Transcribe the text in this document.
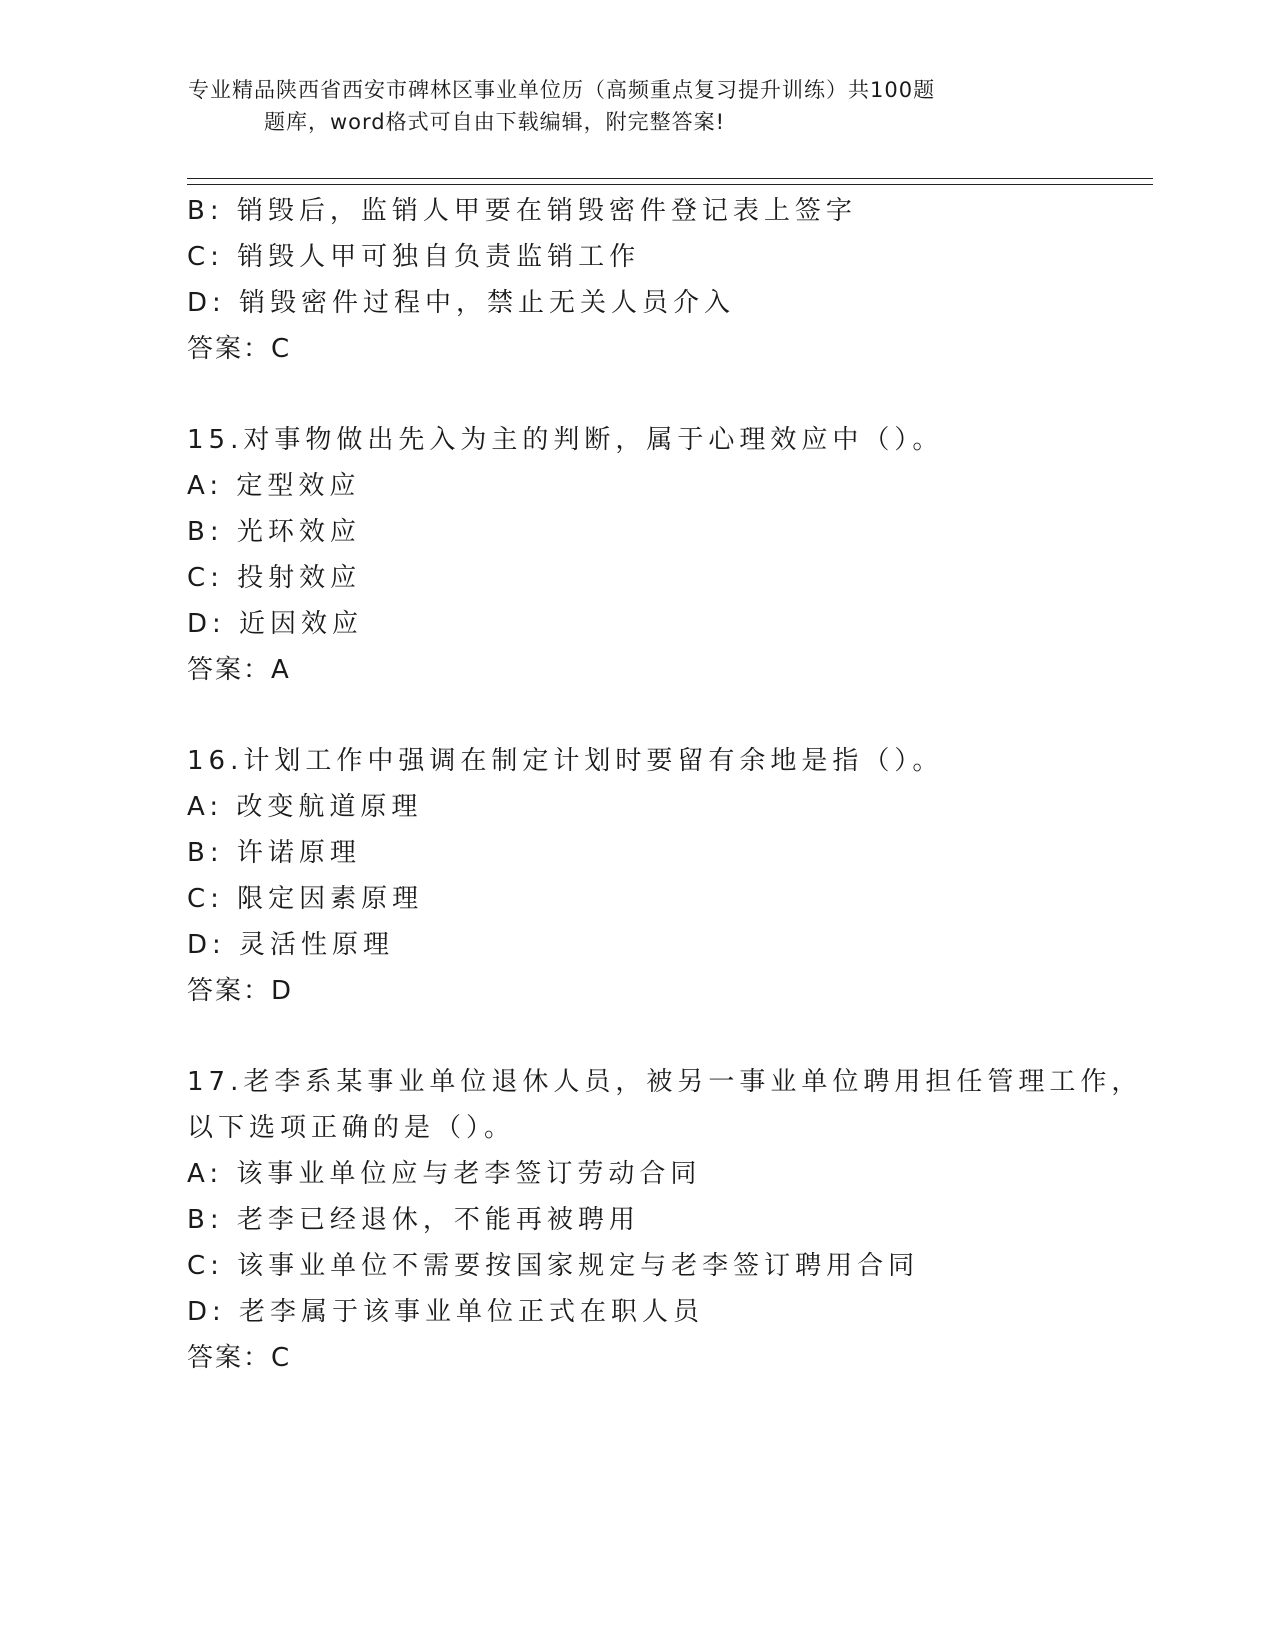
专业精品陕西省西安市碑林区事业单位历（高频重点复习提升训练）共100题
题库，word格式可自由下载编辑，附完整答案!
B: 销毁后，监销人甲要在销毁密件登记表上签字
C: 销毁人甲可独自负责监销工作
D: 销毁密件过程中，禁止无关人员介入
答案：C
15.对事物做出先入为主的判断，属于心理效应中（）。
A: 定型效应
B: 光环效应
C: 投射效应
D: 近因效应
答案：A
16.计划工作中强调在制定计划时要留有余地是指（）。
A: 改变航道原理
B: 许诺原理
C: 限定因素原理
D: 灵活性原理
答案：D
17.老李系某事业单位退休人员，被另一事业单位聘用担任管理工作，
以下选项正确的是（）。
A: 该事业单位应与老李签订劳动合同
B: 老李已经退休，不能再被聘用
C: 该事业单位不需要按国家规定与老李签订聘用合同
D: 老李属于该事业单位正式在职人员
答案：C
